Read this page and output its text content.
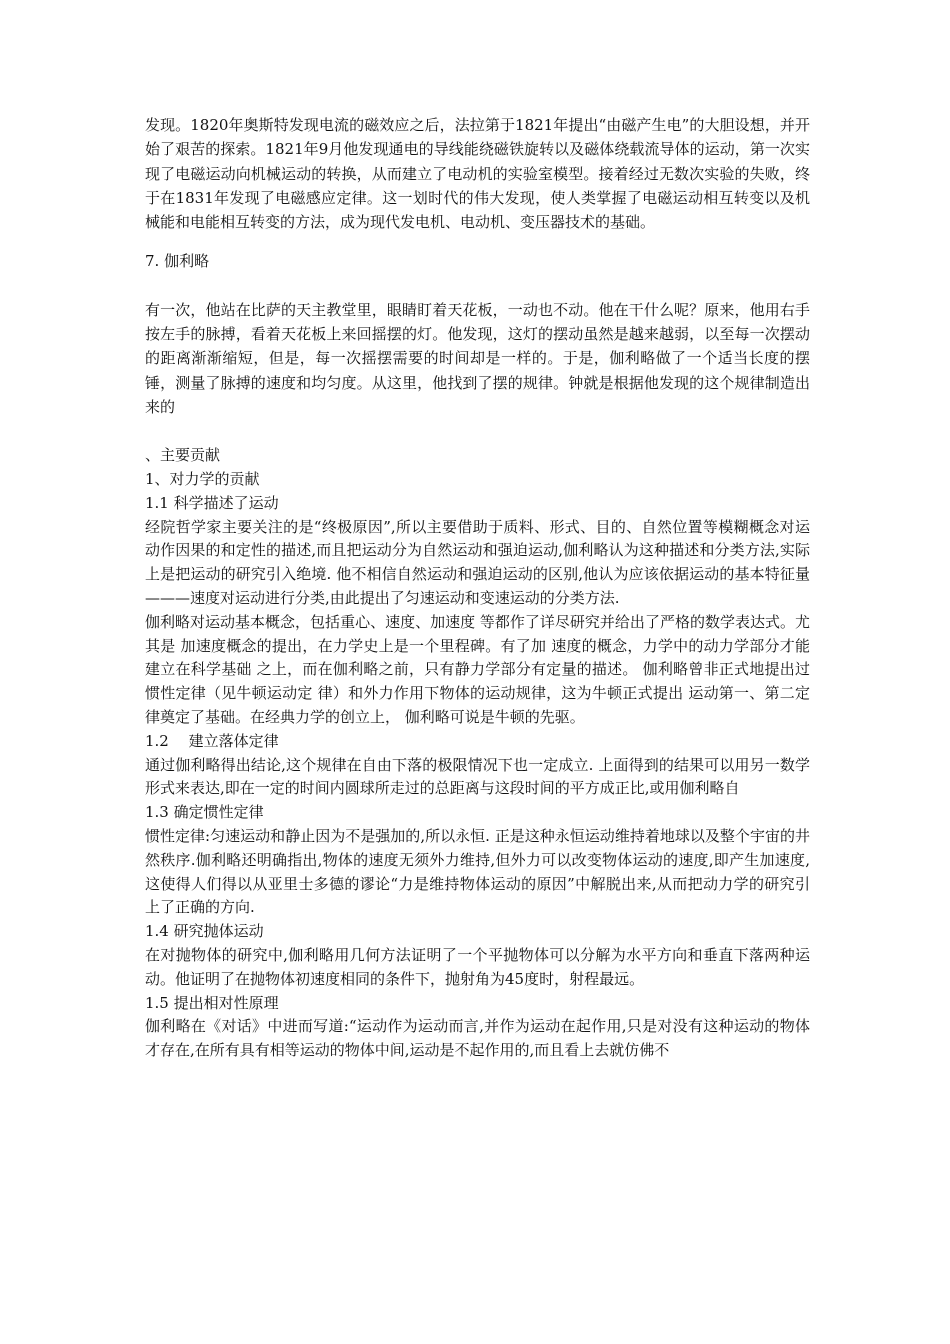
发现。1820年奥斯特发现电流的磁效应之后，法拉第于1821年提出“由磁产生电”的大胆设想，并开始了艰苦的探索。1821年9月他发现通电的导线能绕磁铁旋转以及磁体绕载流导体的运动，第一次实现了电磁运动向机械运动的转换，从而建立了电动机的实验室模型。接着经过无数次实验的失败，终于在1831年发现了电磁感应定律。这一划时代的伟大发现，使人类掌握了电磁运动相互转变以及机械能和电能相互转变的方法，成为现代发电机、电动机、变压器技术的基础。

7. 伽利略

有一次，他站在比萨的天主教堂里，眼睛盯着天花板，一动也不动。他在干什么呢？原来，他用右手按左手的脉搏，看着天花板上来回摇摆的灯。他发现，这灯的摆动虽然是越来越弱，以至每一次摆动的距离渐渐缩短，但是，每一次摇摆需要的时间却是一样的。于是，伽利略做了一个适当长度的摆锤，测量了脉搏的速度和均匀度。从这里，他找到了摆的规律。钟就是根据他发现的这个规律制造出来的

、主要贡献

1、对力学的贡献

1.1 科学描述了运动

经院哲学家主要关注的是“终极原因”,所以主要借助于质料、形式、目的、自然位置等模糊概念对运动作因果的和定性的描述,而且把运动分为自然运动和强迫运动,伽利略认为这种描述和分类方法,实际上是把运动的研究引入绝境. 他不相信自然运动和强迫运动的区别,他认为应该依据运动的基本特征量———速度对运动进行分类,由此提出了匀速运动和变速运动的分类方法.

伽利略对运动基本概念，包括重心、速度、加速度 等都作了详尽研究并给出了严格的数学表达式。尤其是 加速度概念的提出，在力学史上是一个里程碑。有了加 速度的概念，力学中的动力学部分才能建立在科学基础 之上，而在伽利略之前，只有静力学部分有定量的描述。 伽利略曾非正式地提出过惯性定律（见牛顿运动定 律）和外力作用下物体的运动规律，这为牛顿正式提出 运动第一、第二定律奠定了基础。在经典力学的创立上， 伽利略可说是牛顿的先驱。

1.2　 建立落体定律

通过伽利略得出结论,这个规律在自由下落的极限情况下也一定成立. 上面得到的结果可以用另一数学形式来表达,即在一定的时间内圆球所走过的总距离与这段时间的平方成正比,或用伽利略自

1.3 确定惯性定律

惯性定律:匀速运动和静止因为不是强加的,所以永恒. 正是这种永恒运动维持着地球以及整个宇宙的井然秩序.伽利略还明确指出,物体的速度无须外力维持,但外力可以改变物体运动的速度,即产生加速度,这使得人们得以从亚里士多德的谬论“力是维持物体运动的原因”中解脱出来,从而把动力学的研究引上了正确的方向.

1.4 研究抛体运动

在对抛物体的研究中,伽利略用几何方法证明了一个平抛物体可以分解为水平方向和垂直下落两种运动。他证明了在抛物体初速度相同的条件下，抛射角为45度时，射程最远。

1.5 提出相对性原理

伽利略在《对话》中进而写道:“运动作为运动而言,并作为运动在起作用,只是对没有这种运动的物体才存在,在所有具有相等运动的物体中间,运动是不起作用的,而且看上去就仿佛不
